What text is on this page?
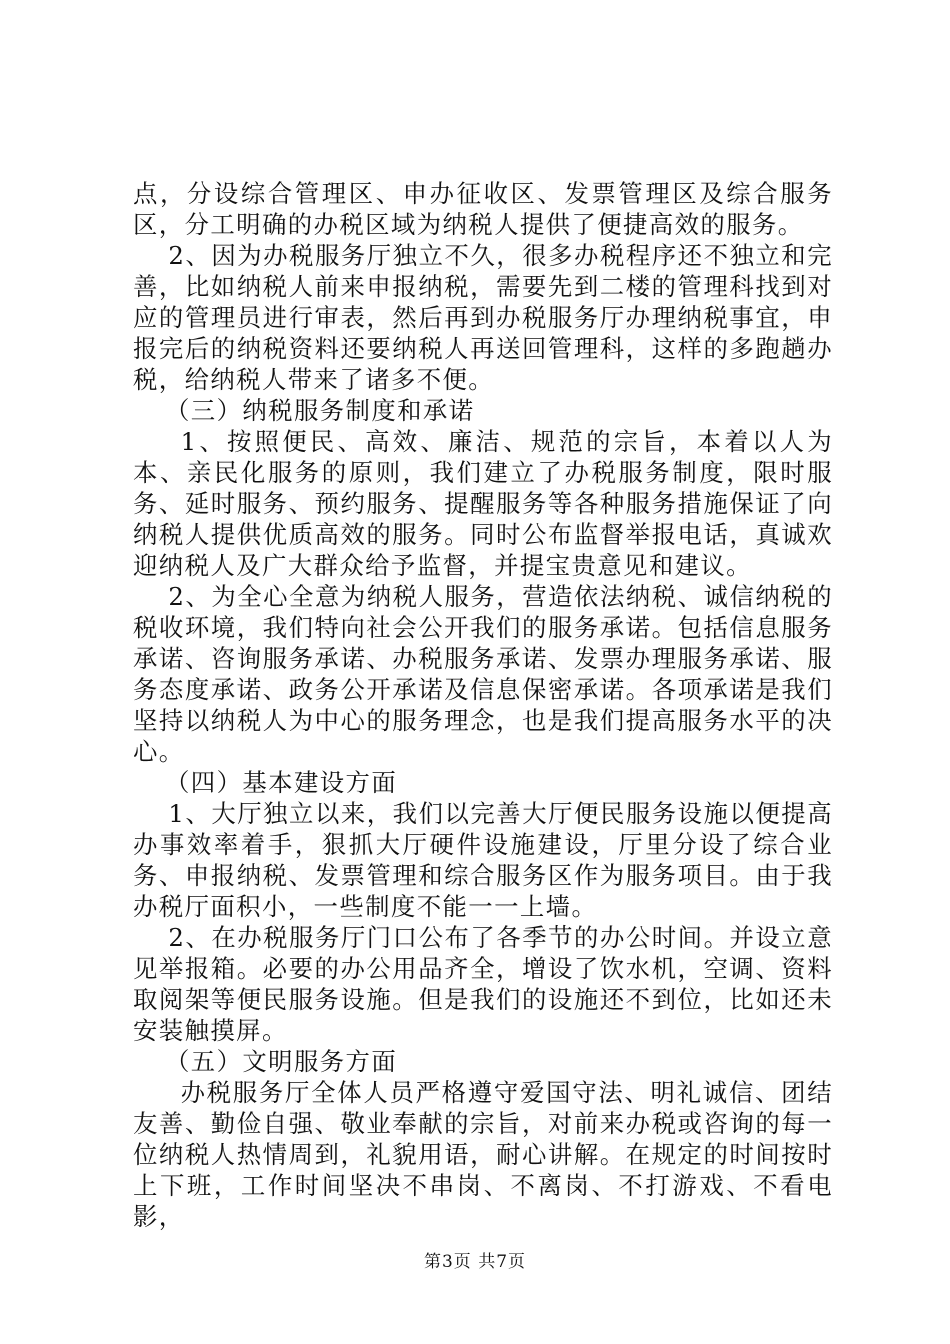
点，分设综合管理区、申办征收区、发票管理区及综合服务区，分工明确的办税区域为纳税人提供了便捷高效的服务。

2、因为办税服务厅独立不久，很多办税程序还不独立和完善，比如纳税人前来申报纳税，需要先到二楼的管理科找到对应的管理员进行审表，然后再到办税服务厅办理纳税事宜，申报完后的纳税资料还要纳税人再送回管理科，这样的多跑趟办税，给纳税人带来了诸多不便。

（三）纳税服务制度和承诺

1、按照便民、高效、廉洁、规范的宗旨，本着以人为本、亲民化服务的原则，我们建立了办税服务制度，限时服务、延时服务、预约服务、提醒服务等各种服务措施保证了向纳税人提供优质高效的服务。同时公布监督举报电话，真诚欢迎纳税人及广大群众给予监督，并提宝贵意见和建议。

2、为全心全意为纳税人服务，营造依法纳税、诚信纳税的税收环境，我们特向社会公开我们的服务承诺。包括信息服务承诺、咨询服务承诺、办税服务承诺、发票办理服务承诺、服务态度承诺、政务公开承诺及信息保密承诺。各项承诺是我们坚持以纳税人为中心的服务理念，也是我们提高服务水平的决心。

（四）基本建设方面

1、大厅独立以来，我们以完善大厅便民服务设施以便提高办事效率着手，狠抓大厅硬件设施建设，厅里分设了综合业务、申报纳税、发票管理和综合服务区作为服务项目。由于我办税厅面积小，一些制度不能一一上墙。

2、在办税服务厅门口公布了各季节的办公时间。并设立意见举报箱。必要的办公用品齐全，增设了饮水机，空调、资料取阅架等便民服务设施。但是我们的设施还不到位，比如还未安装触摸屏。

（五）文明服务方面

办税服务厅全体人员严格遵守爱国守法、明礼诚信、团结友善、勤俭自强、敬业奉献的宗旨，对前来办税或咨询的每一位纳税人热情周到，礼貌用语，耐心讲解。在规定的时间按时上下班，工作时间坚决不串岗、不离岗、不打游戏、不看电影，

第3页 共7页
